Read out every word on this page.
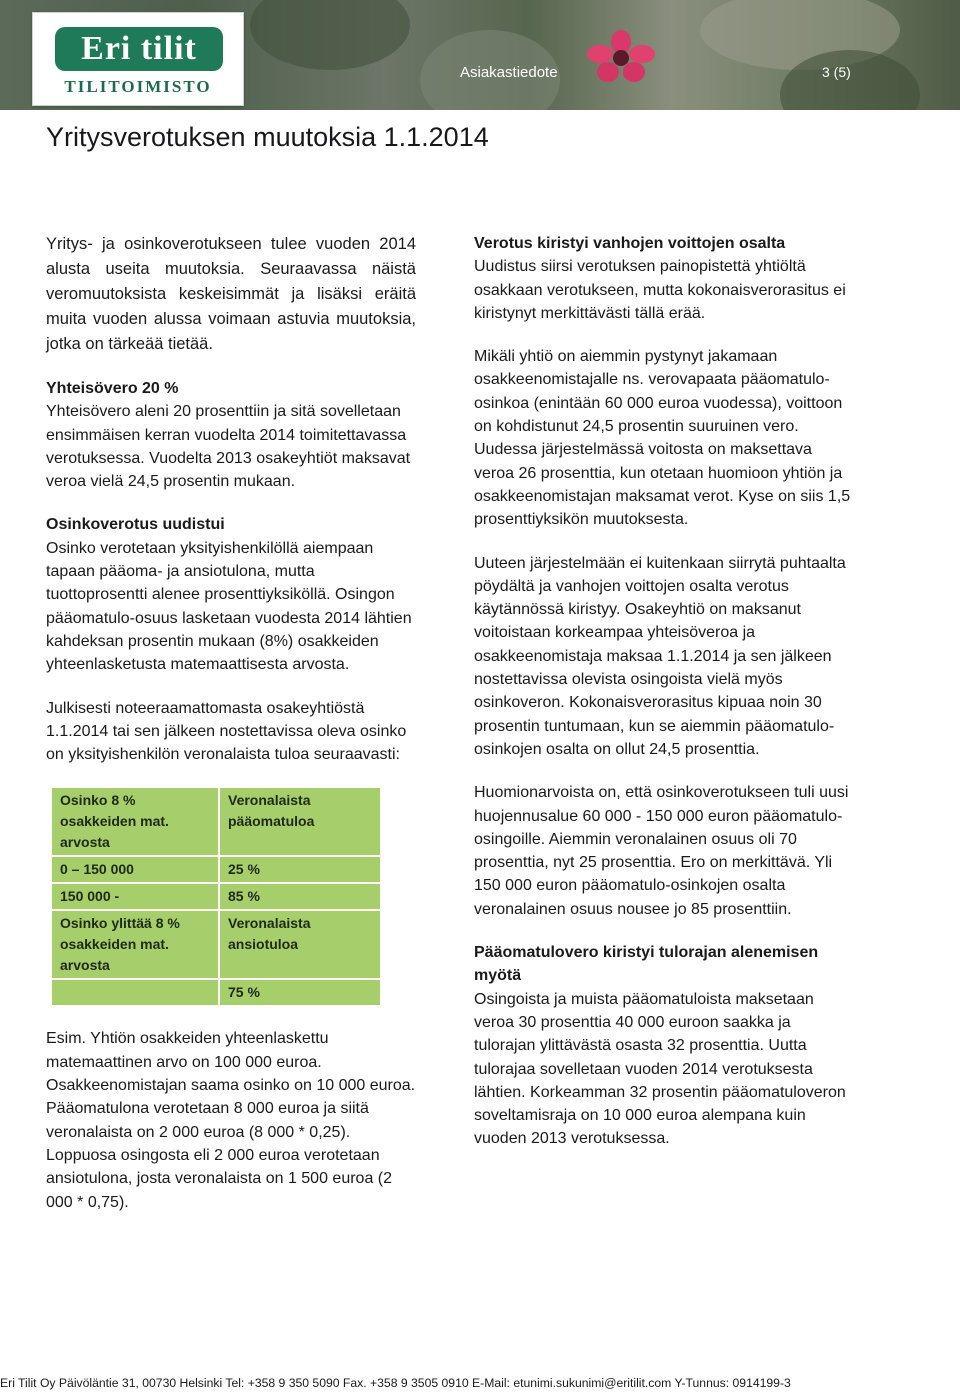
Eri tilit
TILITOIMISTO
Asiakastiedote	3 (5)
Yritysverotuksen muutoksia 1.1.2014

Yritys- ja osinkoverotukseen tulee vuoden 2014 alusta useita muutoksia. Seuraavassa näistä veromuutoksista keskeisimmät ja lisäksi eräitä muita vuoden alussa voimaan astuvia muutoksia, jotka on tärkeää tietää.

Yhteisövero 20 %
Yhteisövero aleni 20 prosenttiin ja sitä sovelletaan ensimmäisen kerran vuodelta 2014 toimitettavassa verotuksessa. Vuodelta 2013 osakeyhtiöt maksavat veroa vielä 24,5 prosentin mukaan.

Osinkoverotus uudistui
Osinko verotetaan yksityishenkilöllä aiempaan tapaan pääoma- ja ansiotulona, mutta tuottoprosentti alenee prosenttiyksiköllä. Osingon pääomatulo-osuus lasketaan vuodesta 2014 lähtien kahdeksan prosentin mukaan (8%) osakkeiden yhteenlasketusta matemaattisesta arvosta.

Julkisesti noteeraamattomasta osakeyhtiöstä 1.1.2014 tai sen jälkeen nostettavissa oleva osinko on yksityishenkilön veronalaista tuloa seuraavasti:

Osinko 8 % osakkeiden mat. arvosta	Veronalaista pääomatuloa
0 – 150 000	25 %
150 000 -	85 %
Osinko ylittää 8 % osakkeiden mat. arvosta	Veronalaista ansiotuloa
	75 %

Esim. Yhtiön osakkeiden yhteenlaskettu matemaattinen arvo on 100 000 euroa. Osakkeenomistajan saama osinko on 10 000 euroa. Pääomatulona verotetaan 8 000 euroa ja siitä veronalaista on 2 000 euroa (8 000 * 0,25). Loppuosa osingosta eli 2 000 euroa verotetaan ansiotulona, josta veronalaista on 1 500 euroa (2 000 * 0,75).

Verotus kiristyi vanhojen voittojen osalta
Uudistus siirsi verotuksen painopistettä yhtiöltä osakkaan verotukseen, mutta kokonaisverorasitus ei kiristynyt merkittävästi tällä erää.

Mikäli yhtiö on aiemmin pystynyt jakamaan osakkeenomistajalle ns. verovapaata pääomatulo-osinkoa (enintään 60 000 euroa vuodessa), voittoon on kohdistunut 24,5 prosentin suuruinen vero. Uudessa järjestelmässä voitosta on maksettava veroa 26 prosenttia, kun otetaan huomioon yhtiön ja osakkeenomistajan maksamat verot. Kyse on siis 1,5 prosenttiyksikön muutoksesta.

Uuteen järjestelmään ei kuitenkaan siirrytä puhtaalta pöydältä ja vanhojen voittojen osalta verotus käytännössä kiristyy. Osakeyhtiö on maksanut voitoistaan korkeampaa yhteisöveroa ja osakkeenomistaja maksaa 1.1.2014 ja sen jälkeen nostettavissa olevista osingoista vielä myös osinkoveron. Kokonaisverorasitus kipuaa noin 30 prosentin tuntumaan, kun se aiemmin pääomatulo-osinkojen osalta on ollut 24,5 prosenttia.

Huomionarvoista on, että osinkoverotukseen tuli uusi huojennusalue 60 000 - 150 000 euron pääomatulo-osingoille. Aiemmin veronalainen osuus oli 70 prosenttia, nyt 25 prosenttia. Ero on merkittävä. Yli 150 000 euron pääomatulo-osinkojen osalta veronalainen osuus nousee jo 85 prosenttiin.

Pääomatulovero kiristyi tulorajan alenemisen myötä
Osingoista ja muista pääomatuloista maksetaan veroa 30 prosenttia 40 000 euroon saakka ja tulorajan ylittävästä osasta 32 prosenttia. Uutta tulorajaa sovelletaan vuoden 2014 verotuksesta lähtien. Korkeamman 32 prosentin pääomatuloveron soveltamisraja on 10 000 euroa alempana kuin vuoden 2013 verotuksessa.

Eri Tilit Oy Päivöläntie 31, 00730 Helsinki Tel: +358 9 350 5090 Fax. +358 9 3505 0910 E-Mail: etunimi.sukunimi@eritilit.com Y-Tunnus: 0914199-3
